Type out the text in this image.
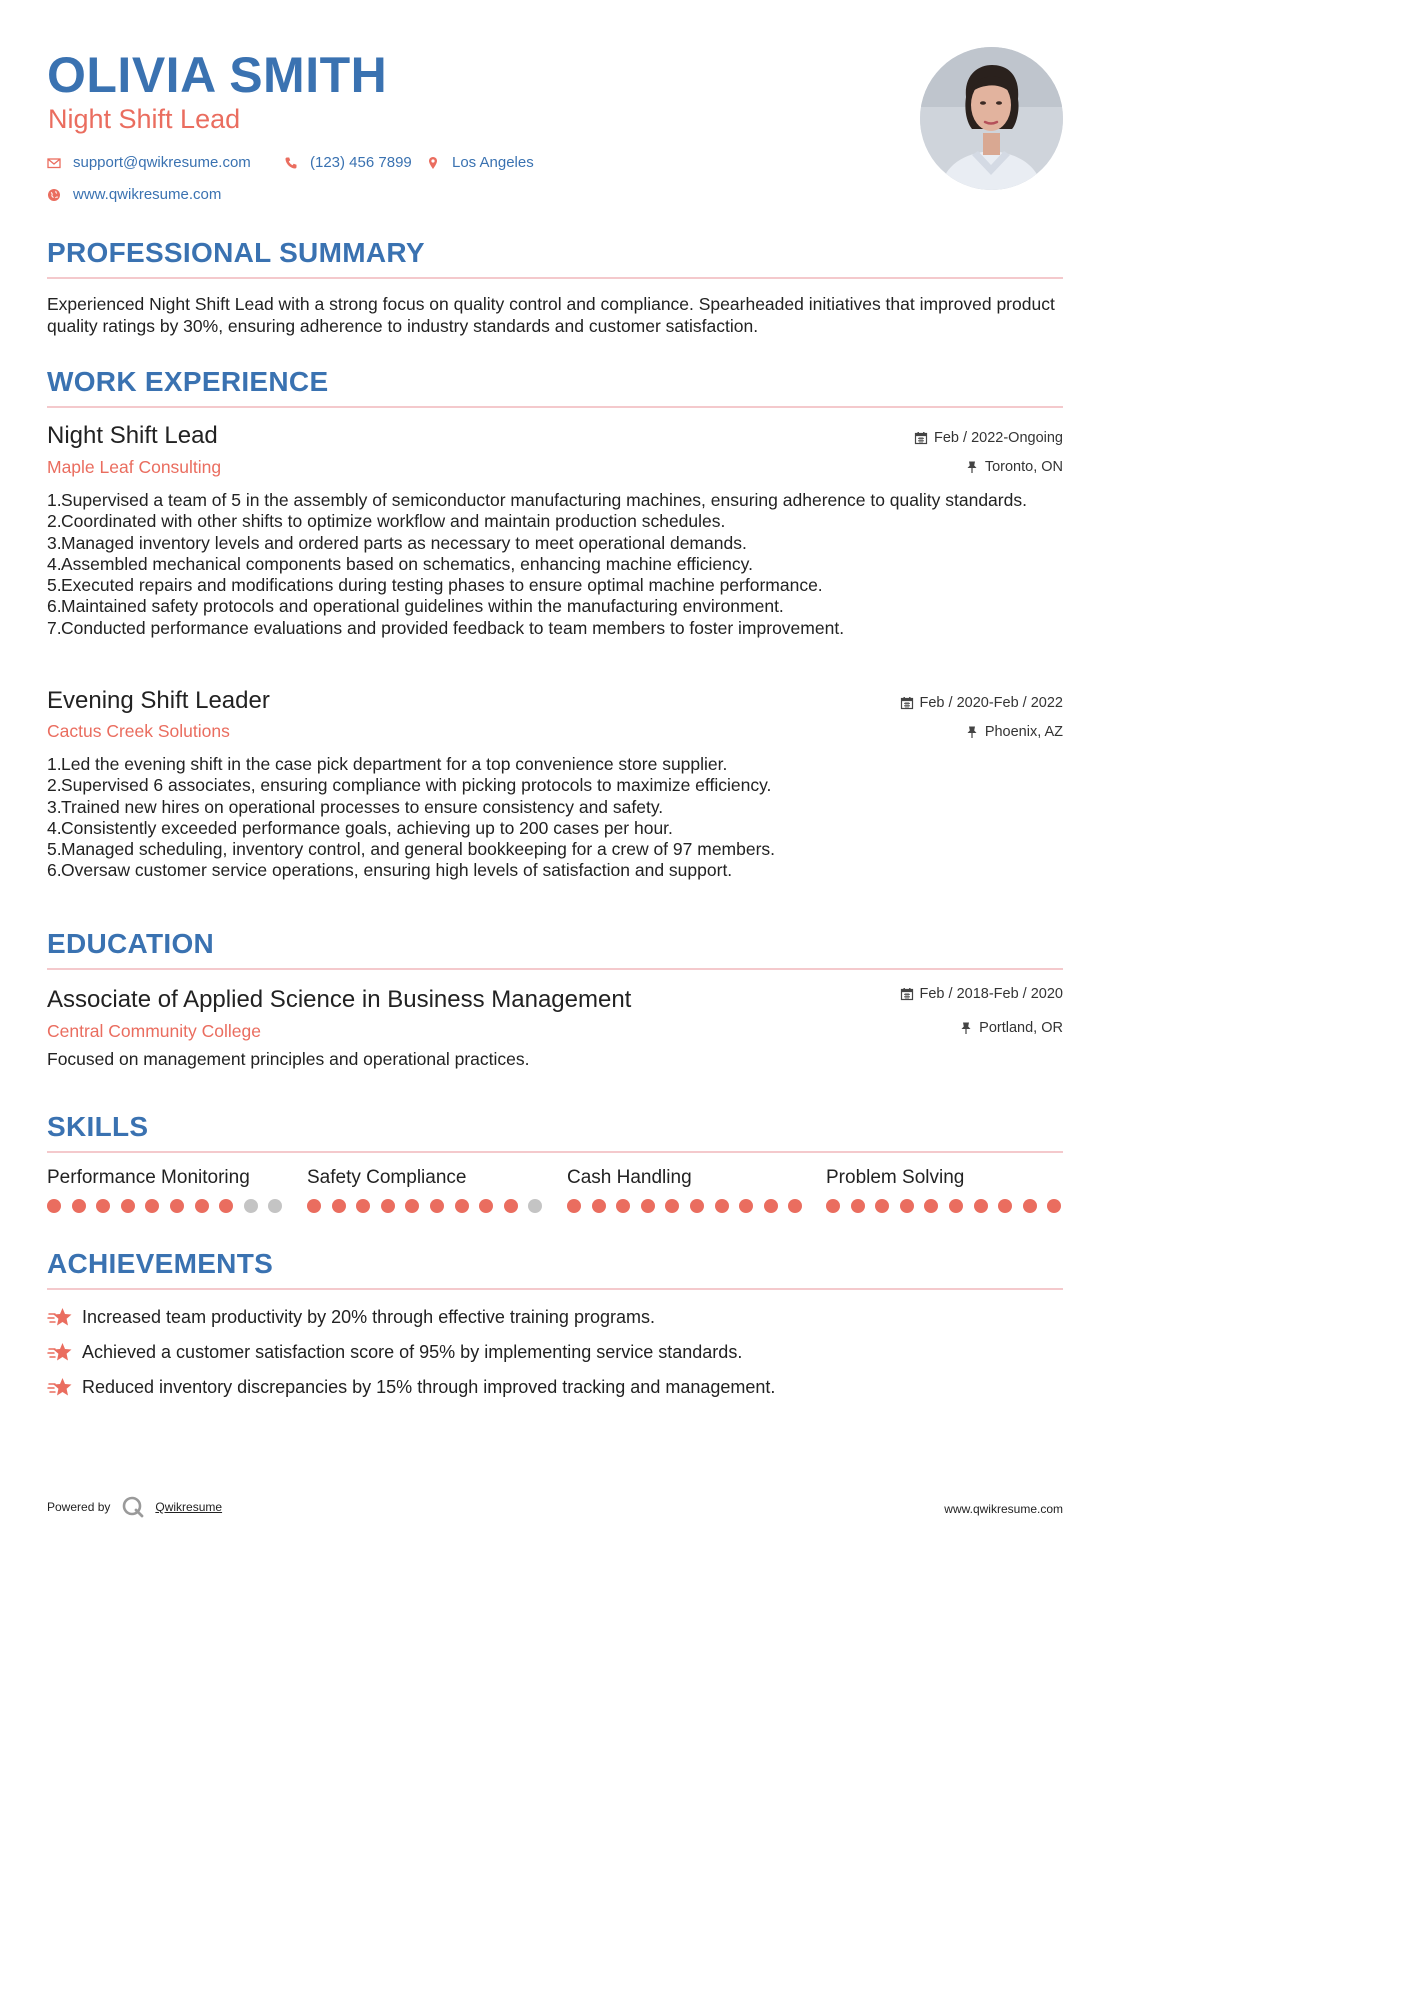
OLIVIA SMITH
Night Shift Lead
support@qwikresume.com	(123) 456 7899	Los Angeles
www.qwikresume.com
PROFESSIONAL SUMMARY
Experienced Night Shift Lead with a strong focus on quality control and compliance. Spearheaded initiatives that improved product quality ratings by 30%, ensuring adherence to industry standards and customer satisfaction.
WORK EXPERIENCE
Night Shift Lead
Maple Leaf Consulting
Feb / 2022-Ongoing
Toronto, ON
1. Supervised a team of 5 in the assembly of semiconductor manufacturing machines, ensuring adherence to quality standards.
2. Coordinated with other shifts to optimize workflow and maintain production schedules.
3. Managed inventory levels and ordered parts as necessary to meet operational demands.
4. Assembled mechanical components based on schematics, enhancing machine efficiency.
5. Executed repairs and modifications during testing phases to ensure optimal machine performance.
6. Maintained safety protocols and operational guidelines within the manufacturing environment.
7. Conducted performance evaluations and provided feedback to team members to foster improvement.
Evening Shift Leader
Cactus Creek Solutions
Feb / 2020-Feb / 2022
Phoenix, AZ
1. Led the evening shift in the case pick department for a top convenience store supplier.
2. Supervised 6 associates, ensuring compliance with picking protocols to maximize efficiency.
3. Trained new hires on operational processes to ensure consistency and safety.
4. Consistently exceeded performance goals, achieving up to 200 cases per hour.
5. Managed scheduling, inventory control, and general bookkeeping for a crew of 97 members.
6. Oversaw customer service operations, ensuring high levels of satisfaction and support.
EDUCATION
Associate of Applied Science in Business Management
Central Community College
Feb / 2018-Feb / 2020
Portland, OR
Focused on management principles and operational practices.
SKILLS
Performance Monitoring	Safety Compliance	Cash Handling	Problem Solving
ACHIEVEMENTS
Increased team productivity by 20% through effective training programs.
Achieved a customer satisfaction score of 95% by implementing service standards.
Reduced inventory discrepancies by 15% through improved tracking and management.
Powered by	Qwikresume	www.qwikresume.com
